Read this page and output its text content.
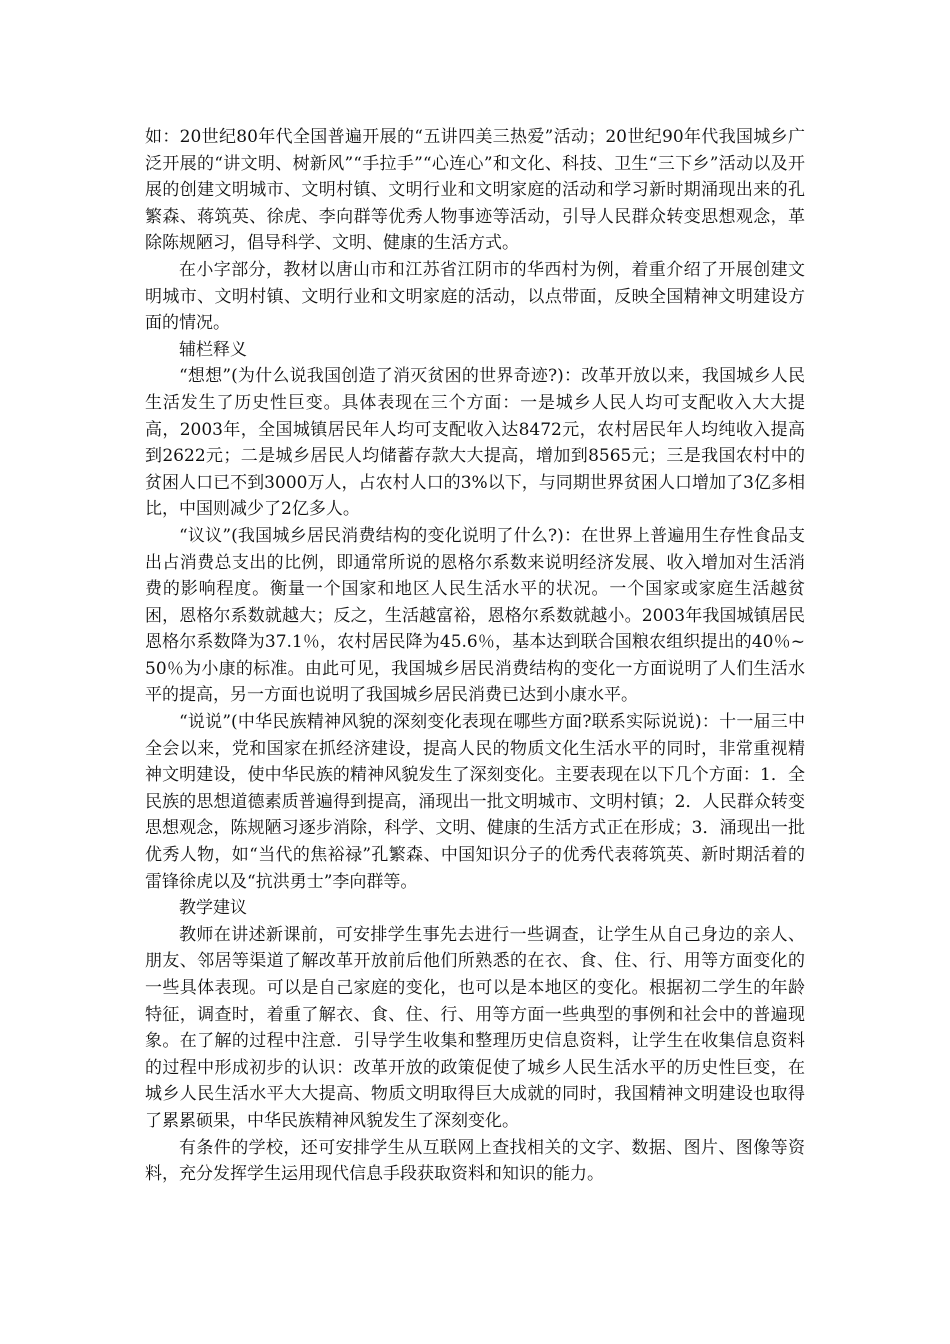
如：20世纪80年代全国普遍开展的“五讲四美三热爱”活动；20世纪90年代我国城乡广泛开展的“讲文明、树新风”“手拉手”“心连心”和文化、科技、卫生“三下乡”活动以及开展的创建文明城市、文明村镇、文明行业和文明家庭的活动和学习新时期涌现出来的孔繁森、蒋筑英、徐虎、李向群等优秀人物事迹等活动，引导人民群众转变思想观念，革除陈规陋习，倡导科学、文明、健康的生活方式。

在小字部分，教材以唐山市和江苏省江阴市的华西村为例，着重介绍了开展创建文明城市、文明村镇、文明行业和文明家庭的活动，以点带面，反映全国精神文明建设方面的情况。

辅栏释义

“想想”(为什么说我国创造了消灭贫困的世界奇迹?)：改革开放以来，我国城乡人民生活发生了历史性巨变。具体表现在三个方面：一是城乡人民人均可支配收入大大提高，2003年，全国城镇居民年人均可支配收入达8472元，农村居民年人均纯收入提高到2622元；二是城乡居民人均储蓄存款大大提高，增加到8565元；三是我国农村中的贫困人口已不到3000万人，占农村人口的3%以下，与同期世界贫困人口增加了3亿多相比，中国则减少了2亿多人。

“议议”(我国城乡居民消费结构的变化说明了什么?)：在世界上普遍用生存性食品支出占消费总支出的比例，即通常所说的恩格尔系数来说明经济发展、收入增加对生活消费的影响程度。衡量一个国家和地区人民生活水平的状况。一个国家或家庭生活越贫困，恩格尔系数就越大；反之，生活越富裕，恩格尔系数就越小。2003年我国城镇居民恩格尔系数降为37.1％，农村居民降为45.6％，基本达到联合国粮农组织提出的40％~50％为小康的标准。由此可见，我国城乡居民消费结构的变化一方面说明了人们生活水平的提高，另一方面也说明了我国城乡居民消费已达到小康水平。

“说说”(中华民族精神风貌的深刻变化表现在哪些方面?联系实际说说)：十一届三中全会以来，党和国家在抓经济建设，提高人民的物质文化生活水平的同时，非常重视精神文明建设，使中华民族的精神风貌发生了深刻变化。主要表现在以下几个方面：1．全民族的思想道德素质普遍得到提高，涌现出一批文明城市、文明村镇；2．人民群众转变思想观念，陈规陋习逐步消除，科学、文明、健康的生活方式正在形成；3．涌现出一批优秀人物，如“当代的焦裕禄”孔繁森、中国知识分子的优秀代表蒋筑英、新时期活着的雷锋徐虎以及“抗洪勇士”李向群等。

教学建议

教师在讲述新课前，可安排学生事先去进行一些调查，让学生从自己身边的亲人、朋友、邻居等渠道了解改革开放前后他们所熟悉的在衣、食、住、行、用等方面变化的一些具体表现。可以是自己家庭的变化，也可以是本地区的变化。根据初二学生的年龄特征，调查时，着重了解衣、食、住、行、用等方面一些典型的事例和社会中的普遍现象。在了解的过程中注意．引导学生收集和整理历史信息资料，让学生在收集信息资料的过程中形成初步的认识：改革开放的政策促使了城乡人民生活水平的历史性巨变，在城乡人民生活水平大大提高、物质文明取得巨大成就的同时，我国精神文明建设也取得了累累硕果，中华民族精神风貌发生了深刻变化。

有条件的学校，还可安排学生从互联网上查找相关的文字、数据、图片、图像等资料，充分发挥学生运用现代信息手段获取资料和知识的能力。
